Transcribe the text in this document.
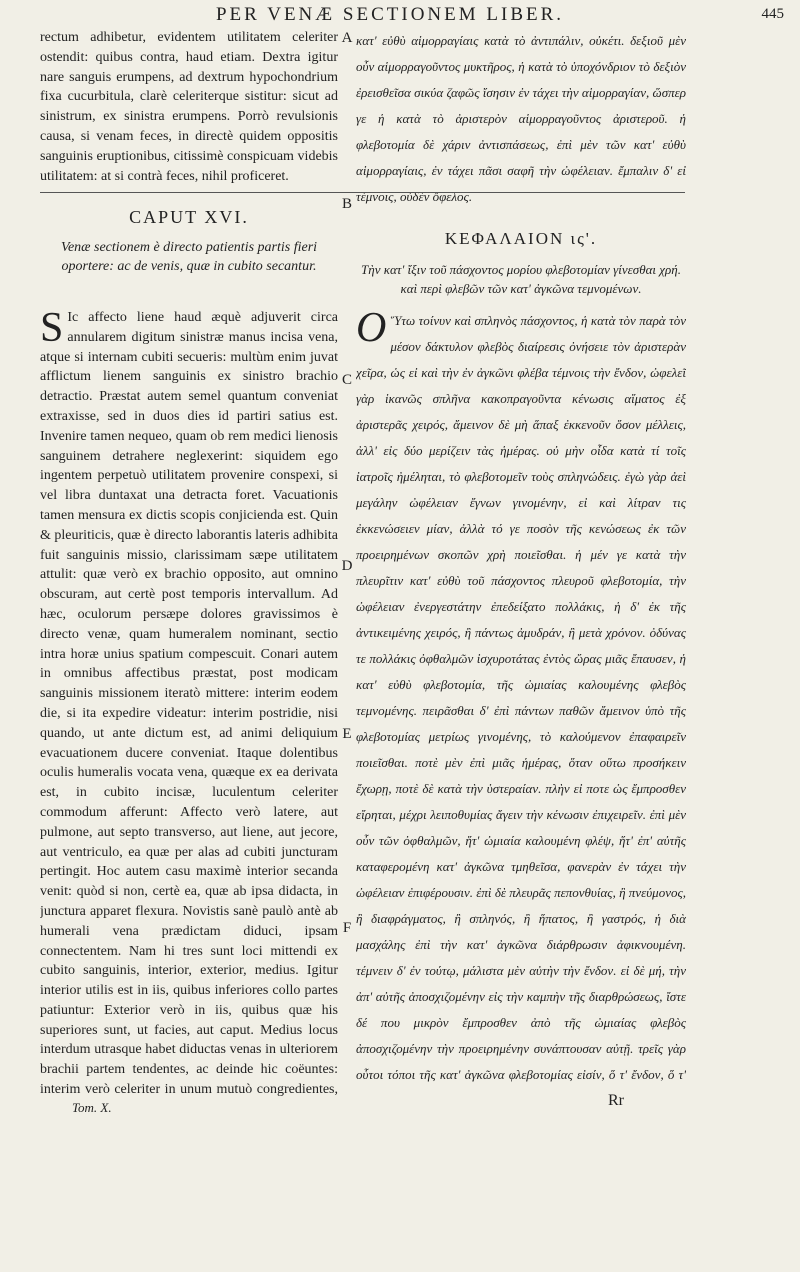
PER VENÆ SECTIONEM LIBER.	445

rectum adhibetur, evidentem utilitatem celeriter ostendit: quibus contra, haud etiam. Dextra igitur nare sanguis erumpens, ad dextrum hypochondrium fixa cucurbitula, clarè celeriterque sistitur: sicut ad sinistrum, ex sinistra erumpens. Porrò revulsionis causa, si venam feces, in directè quidem oppositis sanguinis eruptionibus, citissimè conspicuam videbis utilitatem: at si contrà feces, nihil proficeret.

κατ' εὐθὺ αἱμορραγίαις κατὰ τὸ ἀντιπάλιν, οὐκέτι. δεξιοῦ μὲν οὖν αἱμορραγοῦντος μυκτῆρος, ἡ κατὰ τὸ ὑποχόνδριον τὸ δεξιὸν ἐρεισθεῖσα σικύα ζαφῶς ἴσησιν ἐν τάχει τὴν αἱμορραγίαν, ὥσπερ γε ἡ κατὰ τὸ ἀριστερὸν αἱμορραγοῦντος ἀριστεροῦ. ἡ φλεβοτομία δὲ χάριν ἀντισπάσεως, ἐπὶ μὲν τῶν κατ' εὐθὺ αἱμορραγίαις, ἐν τάχει πᾶσι σαφῆ τὴν ὠφέλειαν. ἔμπαλιν δ' εἰ τέμνοις, οὐδὲν ὄφελος.

A
B
C
D
E
F
CAPUT XVI.
Venæ sectionem è directo patientis partis fieri oportere: ac de venis, quæ in cubito secantur.
ΚΕΦΑΛΑΙΟΝ ις'.
Τὴν κατ' ἴξιν τοῦ πάσχοντος μορίου φλεβοτομίαν γίνεσθαι χρή. καὶ περὶ φλεβῶν τῶν κατ' ἀγκῶνα τεμνομένων.

S Ic affecto liene haud æquè adjuverit circa annularem digitum sinistræ manus incisa vena, atque si internam cubiti secueris: multùm enim juvat afflictum lienem sanguinis ex sinistro brachio detractio. Præstat autem semel quantum conveniat extraxisse, sed in duos dies id partiri satius est. Invenire tamen nequeo, quam ob rem medici lienosis sanguinem detrahere neglexerint: siquidem ego ingentem perpetuò utilitatem provenire conspexi, si vel libra duntaxat una detracta foret. Vacuationis tamen mensura ex dictis scopis conjicienda est. Quin & pleuriticis, quæ è directo laborantis lateris adhibita fuit sanguinis missio, clarissimam sæpe utilitatem attulit: quæ verò ex brachio opposito, aut omnino obscuram, aut certè post temporis intervallum. Ad hæc, oculorum persæpe dolores gravissimos è directo venæ, quam humeralem nominant, sectio intra horæ unius spatium compescuit. Conari autem in omnibus affectibus præstat, post modicam sanguinis missionem iteratò mittere: interim eodem die, si ita expedire videatur: interim postridie, nisi quando, ut ante dictum est, ad animi deliquium evacuationem ducere conveniat. Itaque dolentibus oculis humeralis vocata vena, quæque ex ea derivata est, in cubito incisæ, luculentum celeriter commodum afferunt: Affecto verò latere, aut pulmone, aut septo transverso, aut liene, aut jecore, aut ventriculo, ea quæ per alas ad cubiti juncturam pertingit. Hoc autem casu maximè interior secanda venit: quòd si non, certè ea, quæ ab ipsa didacta, in junctura apparet flexura. Novistis sanè paulò antè ab humerali vena prædictam diduci, ipsam connectentem. Nam hi tres sunt loci mittendi ex cubito sanguinis, interior, exterior, medius. Igitur interior utilis est in iis, quibus inferiores collo partes patiuntur: Exterior verò in iis, quibus quæ his superiores sunt, ut facies, aut caput. Medius locus interdum utrasque habet diductas venas in ulteriorem brachii partem tendentes, ac deinde hic coëuntes: interim verò celeriter in unum mutuò congredientes,

Ο Ὕτω τοίνυν καὶ σπληνὸς πάσχοντος, ἡ κατὰ τὸν παρὰ τὸν μέσον δάκτυλον φλεβὸς διαίρεσις ὀνήσειε τὸν ἀριστερὰν χεῖρα, ὡς εἰ καὶ τὴν ἐν ἀγκῶνι φλέβα τέμνοις τὴν ἔνδον, ὠφελεῖ γὰρ ἱκανῶς σπλῆνα κακοπραγοῦντα κένωσις αἵματος ἐξ ἀριστερᾶς χειρός, ἄμεινον δὲ μὴ ἅπαξ ἐκκενοῦν ὅσον μέλλεις, ἀλλ' εἰς δύο μερίζειν τὰς ἡμέρας. οὐ μὴν οἶδα κατὰ τί τοῖς ἰατροῖς ἠμέληται, τὸ φλεβοτομεῖν τοὺς σπληνώδεις. ἐγὼ γὰρ ἀεὶ μεγάλην ὠφέλειαν ἔγνων γινομένην, εἰ καὶ λίτραν τις ἐκκενώσειεν μίαν, ἀλλὰ τό γε ποσὸν τῆς κενώσεως ἐκ τῶν προειρημένων σκοπῶν χρὴ ποιεῖσθαι. ἡ μέν γε κατὰ τὴν πλευρῖτιν κατ' εὐθὺ τοῦ πάσχοντος πλευροῦ φλεβοτομία, τὴν ὠφέλειαν ἐνεργεστάτην ἐπεδείξατο πολλάκις, ἡ δ' ἐκ τῆς ἀντικειμένης χειρός, ἢ πάντως ἀμυδράν, ἢ μετὰ χρόνον. ὀδύνας τε πολλάκις ὀφθαλμῶν ἰσχυροτάτας ἐντὸς ὥρας μιᾶς ἔπαυσεν, ἡ κατ' εὐθὺ φλεβοτομία, τῆς ὠμιαίας καλουμένης φλεβὸς τεμνομένης. πειρᾶσθαι δ' ἐπὶ πάντων παθῶν ἄμεινον ὑπὸ τῆς φλεβοτομίας μετρίως γινομένης, τὸ καλούμενον ἐπαφαιρεῖν ποιεῖσθαι. ποτὲ μὲν ἐπὶ μιᾶς ἡμέρας, ὅταν οὕτω προσήκειν ἔχωρῃ, ποτὲ δὲ κατὰ τὴν ὑστεραίαν. πλὴν εἰ ποτε ὡς ἔμπροσθεν εἴρηται, μέχρι λειποθυμίας ἄγειν τὴν κένωσιν ἐπιχειρεῖν. ἐπὶ μὲν οὖν τῶν ὀφθαλμῶν, ἥτ' ὠμιαία καλουμένη φλέψ, ἥτ' ἐπ' αὐτῆς καταφερομένη κατ' ἀγκῶνα τμηθεῖσα, φανερὰν ἐν τάχει τὴν ὠφέλειαν ἐπιφέρουσιν. ἐπὶ δὲ πλευρᾶς πεπονθυίας, ἢ πνεύμονος, ἢ διαφράγματος, ἢ σπληνός, ἢ ἥπατος, ἢ γαστρός, ἡ διὰ μασχάλης ἐπὶ τὴν κατ' ἀγκῶνα διάρθρωσιν ἀφικνουμένη. τέμνειν δ' ἐν τούτῳ, μάλιστα μὲν αὐτὴν τὴν ἔνδον. εἰ δὲ μή, τὴν ἀπ' αὐτῆς ἀποσχιζομένην εἰς τὴν καμπὴν τῆς διαρθρώσεως, ἴστε δέ που μικρὸν ἔμπροσθεν ἀπὸ τῆς ὠμιαίας φλεβὸς ἀποσχιζομένην τὴν προειρημένην συνάπτουσαν αὐτῇ. τρεῖς γὰρ οὗτοι τόποι τῆς κατ' ἀγκῶνα φλεβοτομίας εἰσίν, ὅ τ' ἔνδον, ὅ τ'

Tom. X.	Rr
